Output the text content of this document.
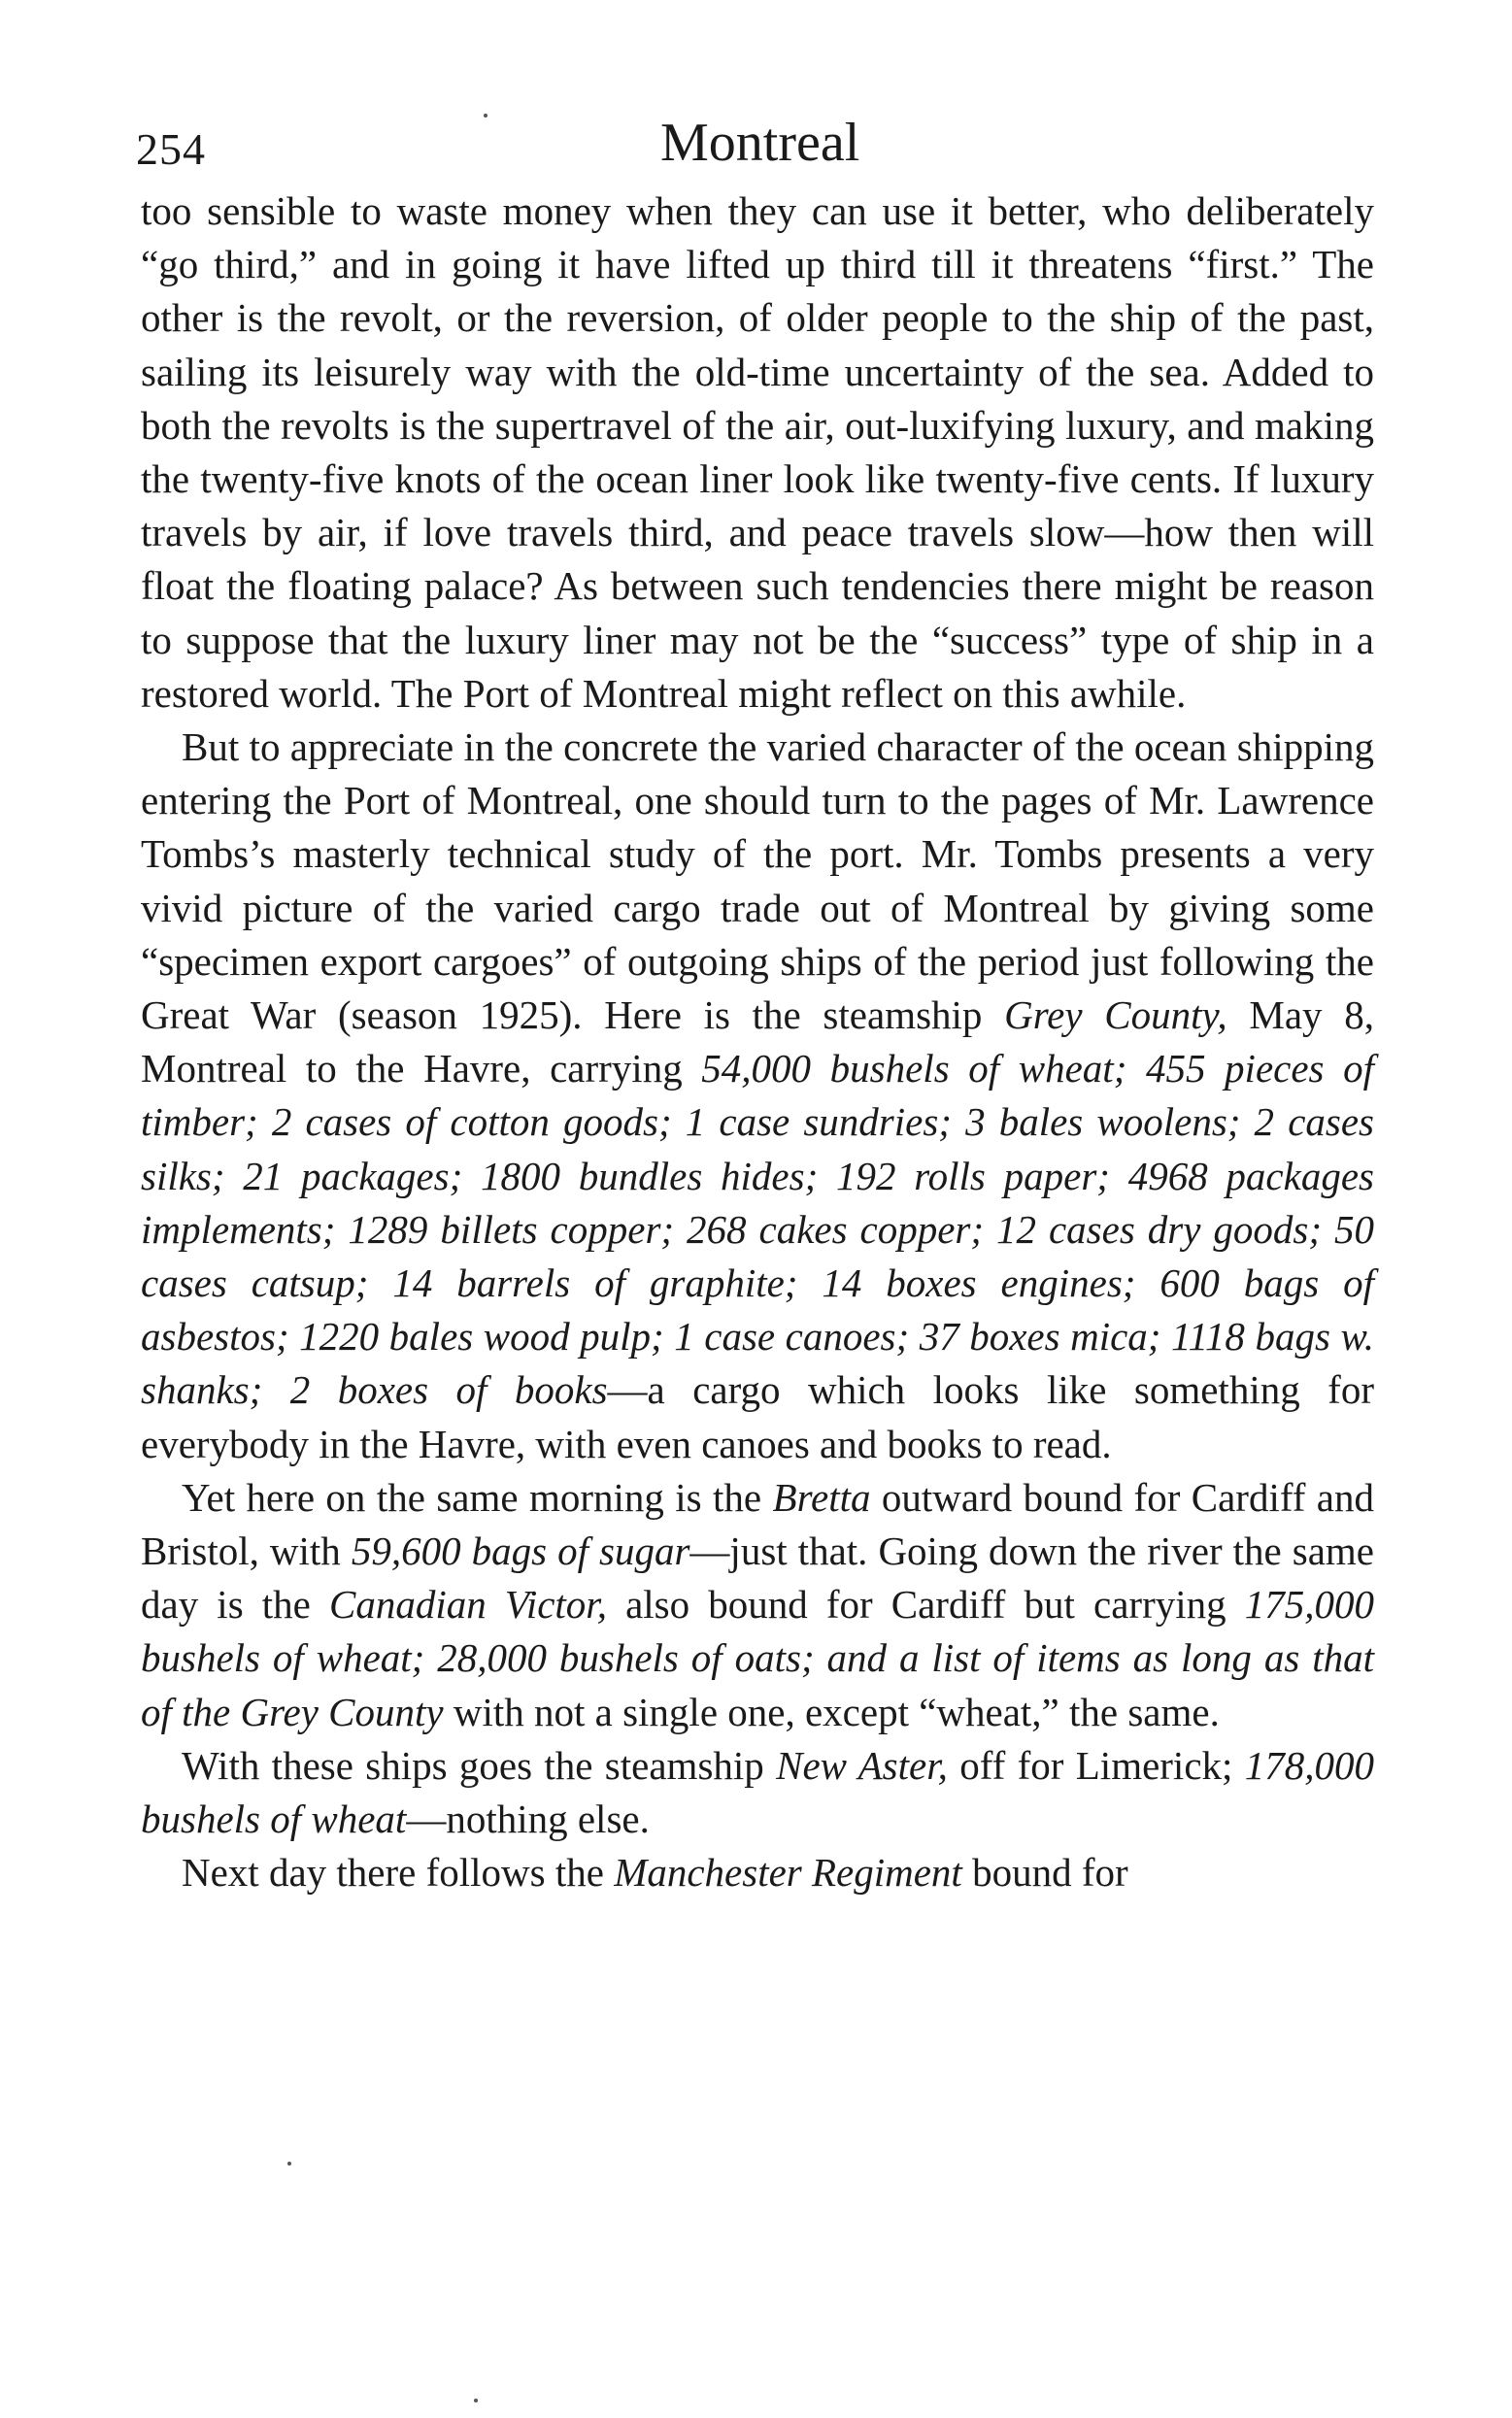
254	Montreal

too sensible to waste money when they can use it better, who deliberately “go third,” and in going it have lifted up third till it threatens “first.” The other is the revolt, or the reversion, of older people to the ship of the past, sailing its leisurely way with the old-time uncertainty of the sea. Added to both the revolts is the supertravel of the air, out-luxifying luxury, and making the twenty-five knots of the ocean liner look like twenty-five cents. If luxury travels by air, if love travels third, and peace travels slow—how then will float the floating palace? As between such tendencies there might be reason to suppose that the luxury liner may not be the “success” type of ship in a restored world. The Port of Montreal might reflect on this awhile.

But to appreciate in the concrete the varied character of the ocean shipping entering the Port of Montreal, one should turn to the pages of Mr. Lawrence Tombs’s masterly technical study of the port. Mr. Tombs presents a very vivid picture of the varied cargo trade out of Montreal by giving some “specimen export cargoes” of outgoing ships of the period just following the Great War (season 1925). Here is the steamship Grey County, May 8, Montreal to the Havre, carrying 54,000 bushels of wheat; 455 pieces of timber; 2 cases of cotton goods; 1 case sundries; 3 bales woolens; 2 cases silks; 21 packages; 1800 bundles hides; 192 rolls paper; 4968 packages implements; 1289 billets copper; 268 cakes copper; 12 cases dry goods; 50 cases catsup; 14 barrels of graphite; 14 boxes engines; 600 bags of asbestos; 1220 bales wood pulp; 1 case canoes; 37 boxes mica; 1118 bags w. shanks; 2 boxes of books—a cargo which looks like something for everybody in the Havre, with even canoes and books to read.

Yet here on the same morning is the Bretta outward bound for Cardiff and Bristol, with 59,600 bags of sugar—just that. Going down the river the same day is the Canadian Victor, also bound for Cardiff but carrying 175,000 bushels of wheat; 28,000 bushels of oats; and a list of items as long as that of the Grey County with not a single one, except “wheat,” the same.

With these ships goes the steamship New Aster, off for Limerick; 178,000 bushels of wheat—nothing else.

Next day there follows the Manchester Regiment bound for
